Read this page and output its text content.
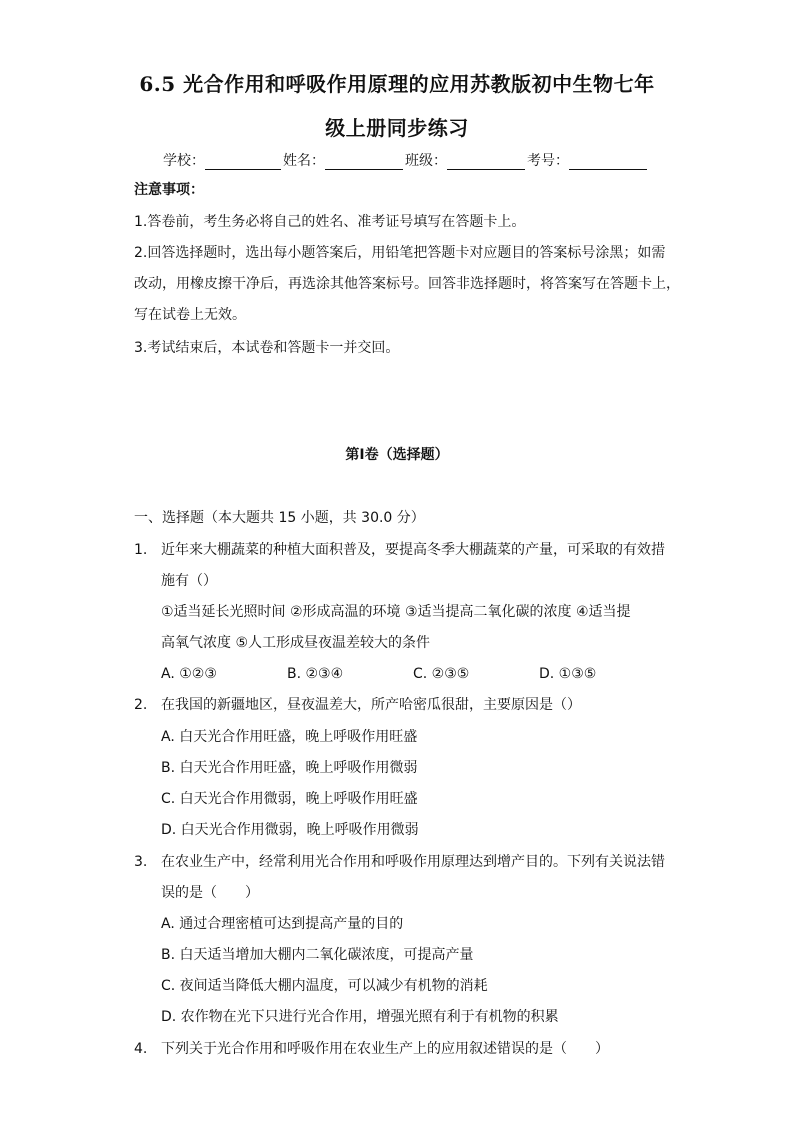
6.5 光合作用和呼吸作用原理的应用苏教版初中生物七年
级上册同步练习
学校：	姓名：	班级：	考号：
注意事项：
1.答卷前，考生务必将自己的姓名、准考证号填写在答题卡上。
2.回答选择题时，选出每小题答案后，用铅笔把答题卡对应题目的答案标号涂黑；如需
改动，用橡皮擦干净后，再选涂其他答案标号。回答非选择题时，将答案写在答题卡上，
写在试卷上无效。
3.考试结束后，本试卷和答题卡一并交回。
第Ⅰ卷（选择题）
一、选择题（本大题共 15 小题，共 30.0 分）
1. 近年来大棚蔬菜的种植大面积普及，要提高冬季大棚蔬菜的产量，可采取的有效措
施有（）
①适当延长光照时间 ②形成高温的环境 ③适当提高二氧化碳的浓度 ④适当提
高氧气浓度 ⑤人工形成昼夜温差较大的条件
A. ①②③	B. ②③④	C. ②③⑤	D. ①③⑤
2. 在我国的新疆地区，昼夜温差大，所产哈密瓜很甜，主要原因是（）
A. 白天光合作用旺盛，晚上呼吸作用旺盛
B. 白天光合作用旺盛，晚上呼吸作用微弱
C. 白天光合作用微弱，晚上呼吸作用旺盛
D. 白天光合作用微弱，晚上呼吸作用微弱
3. 在农业生产中，经常利用光合作用和呼吸作用原理达到增产目的。下列有关说法错
误的是（　　）
A. 通过合理密植可达到提高产量的目的
B. 白天适当增加大棚内二氧化碳浓度，可提高产量
C. 夜间适当降低大棚内温度，可以减少有机物的消耗
D. 农作物在光下只进行光合作用，增强光照有利于有机物的积累
4. 下列关于光合作用和呼吸作用在农业生产上的应用叙述错误的是（　　）
